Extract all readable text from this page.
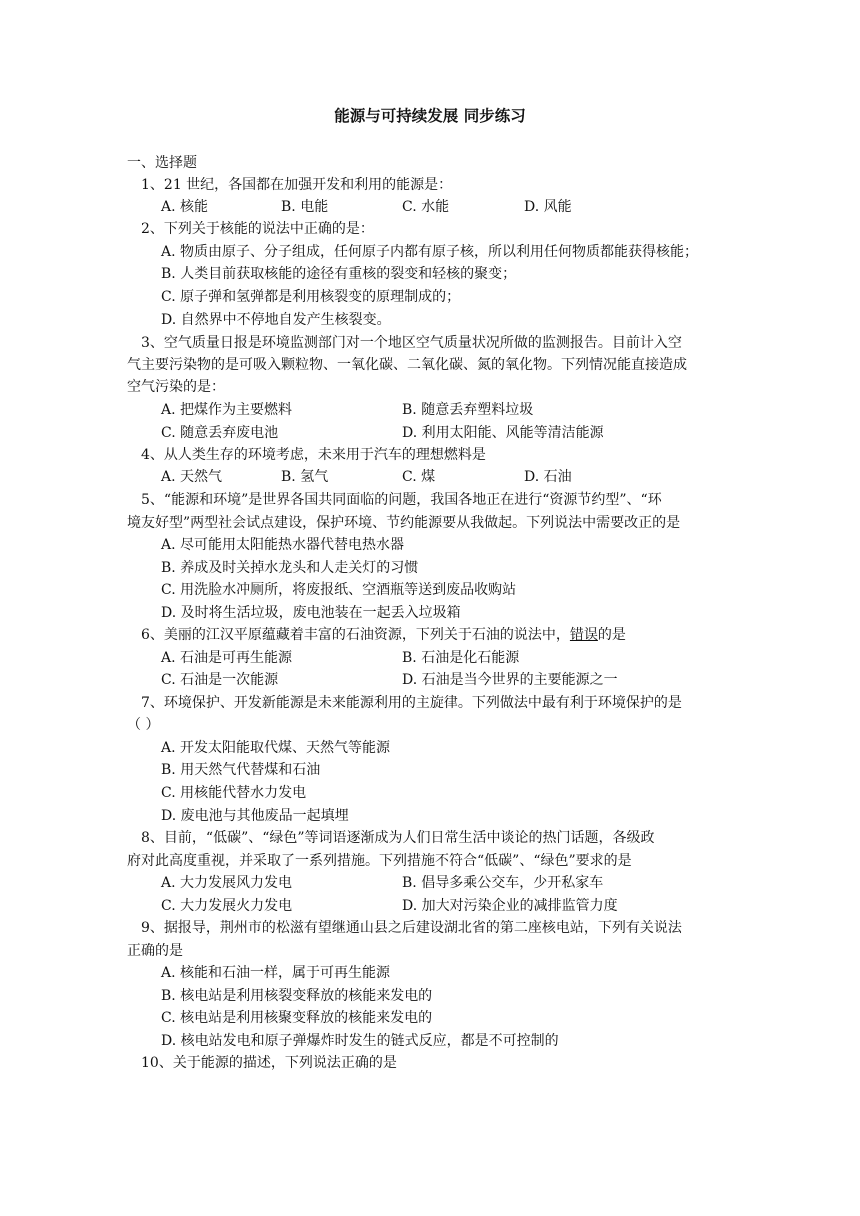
能源与可持续发展 同步练习
一、选择题
1、21 世纪，各国都在加强开发和利用的能源是：
A. 核能	B. 电能	C. 水能	D. 风能
2、下列关于核能的说法中正确的是：
A. 物质由原子、分子组成，任何原子内都有原子核，所以利用任何物质都能获得核能；
B. 人类目前获取核能的途径有重核的裂变和轻核的聚变；
C. 原子弹和氢弹都是利用核裂变的原理制成的；
D. 自然界中不停地自发产生核裂变。
3、空气质量日报是环境监测部门对一个地区空气质量状况所做的监测报告。目前计入空
气主要污染物的是可吸入颗粒物、一氧化碳、二氧化碳、氮的氧化物。下列情况能直接造成
空气污染的是：
A. 把煤作为主要燃料	B. 随意丢弃塑料垃圾
C. 随意丢弃废电池	D. 利用太阳能、风能等清洁能源
4、从人类生存的环境考虑，未来用于汽车的理想燃料是
A. 天然气	B. 氢气	C. 煤	D. 石油
5、“能源和环境”是世界各国共同面临的问题，我国各地正在进行“资源节约型”、“环
境友好型”两型社会试点建设，保护环境、节约能源要从我做起。下列说法中需要改正的是
A. 尽可能用太阳能热水器代替电热水器
B. 养成及时关掉水龙头和人走关灯的习惯
C. 用洗脸水冲厕所，将废报纸、空酒瓶等送到废品收购站
D. 及时将生活垃圾，废电池装在一起丢入垃圾箱
6、美丽的江汉平原蕴藏着丰富的石油资源，下列关于石油的说法中，错误的是
A. 石油是可再生能源	B. 石油是化石能源
C. 石油是一次能源	D. 石油是当今世界的主要能源之一
7、环境保护、开发新能源是未来能源利用的主旋律。下列做法中最有利于环境保护的是
（ ）
A. 开发太阳能取代煤、天然气等能源
B. 用天然气代替煤和石油
C. 用核能代替水力发电
D. 废电池与其他废品一起填埋
8、目前，“低碳”、“绿色”等词语逐渐成为人们日常生活中谈论的热门话题，各级政
府对此高度重视，并采取了一系列措施。下列措施不符合“低碳”、“绿色”要求的是
A. 大力发展风力发电	B. 倡导多乘公交车，少开私家车
C. 大力发展火力发电	D. 加大对污染企业的减排监管力度
9、据报导，荆州市的松滋有望继通山县之后建设湖北省的第二座核电站，下列有关说法
正确的是
A. 核能和石油一样，属于可再生能源
B. 核电站是利用核裂变释放的核能来发电的
C. 核电站是利用核聚变释放的核能来发电的
D. 核电站发电和原子弹爆炸时发生的链式反应，都是不可控制的
10、关于能源的描述，下列说法正确的是
